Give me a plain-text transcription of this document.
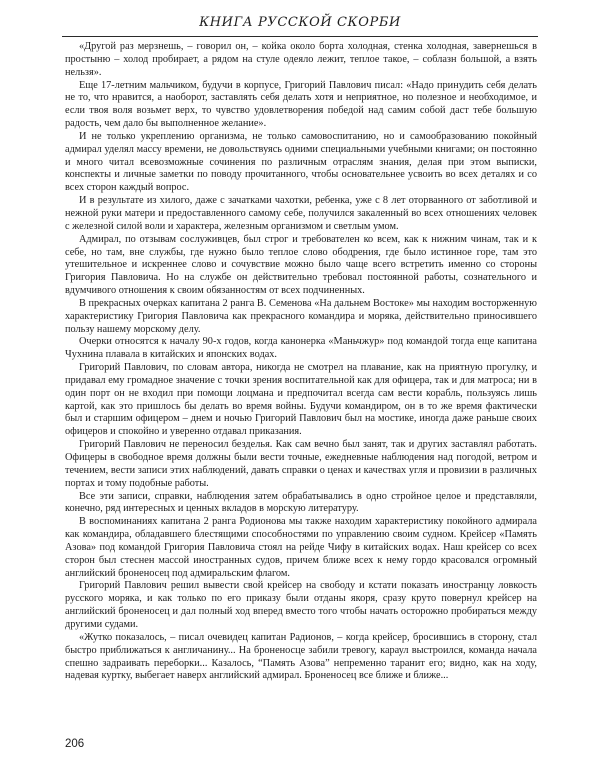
КНИГА РУССКОЙ СКОРБИ

«Другой раз мерзнешь, – говорил он, – койка около борта холодная, стенка холодная, завернешься в простыню – холод пробирает, а рядом на стуле одеяло лежит, теплое такое, – соблазн большой, а взять нельзя».

Еще 17-летним мальчиком, будучи в корпусе, Григорий Павлович писал: «Надо принудить себя делать не то, что нравится, а наоборот, заставлять себя делать хотя и неприятное, но полезное и необходимое, и если твоя воля возьмет верх, то чувство удовлетворения победой над самим собой даст тебе большую радость, чем дало бы выполненное желание».

И не только укреплению организма, не только самовоспитанию, но и самообразованию покойный адмирал уделял массу времени, не довольствуясь одними специальными учебными книгами; он постоянно и много читал всевозможные сочинения по различным отраслям знания, делая при этом выписки, конспекты и личные заметки по поводу прочитанного, чтобы основательнее усвоить во всех деталях и со всех сторон каждый вопрос.

И в результате из хилого, даже с зачатками чахотки, ребенка, уже с 8 лет оторванного от заботливой и нежной руки матери и предоставленного самому себе, получился закаленный во всех отношениях человек с железной силой воли и характера, железным организмом и светлым умом.

Адмирал, по отзывам сослуживцев, был строг и требователен ко всем, как к нижним чинам, так и к себе, но там, вне службы, где нужно было теплое слово ободрения, где было истинное горе, там это утешительное и искреннее слово и сочувствие можно было чаще всего встретить именно со стороны Григория Павловича. Но на службе он действительно требовал постоянной работы, сознательного и вдумчивого отношения к своим обязанностям от всех подчиненных.

В прекрасных очерках капитана 2 ранга В. Семенова «На дальнем Востоке» мы находим восторженную характеристику Григория Павловича как прекрасного командира и моряка, действительно приносившего пользу нашему морскому делу.

Очерки относятся к началу 90-х годов, когда канонерка «Маньчжур» под командой тогда еще капитана Чухнина плавала в китайских и японских водах.

Григорий Павлович, по словам автора, никогда не смотрел на плавание, как на приятную прогулку, и придавал ему громадное значение с точки зрения воспитательной как для офицера, так и для матроса; ни в один порт он не входил при помощи лоцмана и предпочитал всегда сам вести корабль, пользуясь лишь картой, как это пришлось бы делать во время войны. Будучи командиром, он в то же время фактически был и старшим офицером – днем и ночью Григорий Павлович был на мостике, иногда даже раньше своих офицеров и спокойно и уверенно отдавал приказания.

Григорий Павлович не переносил безделья. Как сам вечно был занят, так и других заставлял работать. Офицеры в свободное время должны были вести точные, ежедневные наблюдения над погодой, ветром и течением, вести записи этих наблюдений, давать справки о ценах и качествах угля и провизии в различных портах и тому подобные работы.

Все эти записи, справки, наблюдения затем обрабатывались в одно стройное целое и представляли, конечно, ряд интересных и ценных вкладов в морскую литературу.

В воспоминаниях капитана 2 ранга Родионова мы также находим характеристику покойного адмирала как командира, обладавшего блестящими способностями по управлению своим судном. Крейсер «Память Азова» под командой Григория Павловича стоял на рейде Чифу в китайских водах. Наш крейсер со всех сторон был стеснен массой иностранных судов, причем ближе всех к нему гордо красовался огромный английский броненосец под адмиральским флагом.

Григорий Павлович решил вывести свой крейсер на свободу и кстати показать иностранцу ловкость русского моряка, и как только по его приказу были отданы якоря, сразу круто повернул крейсер на английский броненосец и дал полный ход вперед вместо того чтобы начать осторожно пробираться между другими судами.

«Жутко показалось, – писал очевидец капитан Радионов, – когда крейсер, бросившись в сторону, стал быстро приближаться к англичанину... На броненосце забили тревогу, караул выстроился, команда начала спешно задраивать переборки... Казалось, “Память Азова” непременно таранит его; видно, как на ходу, надевая куртку, выбегает наверх английский адмирал. Броненосец все ближе и ближе...

206
